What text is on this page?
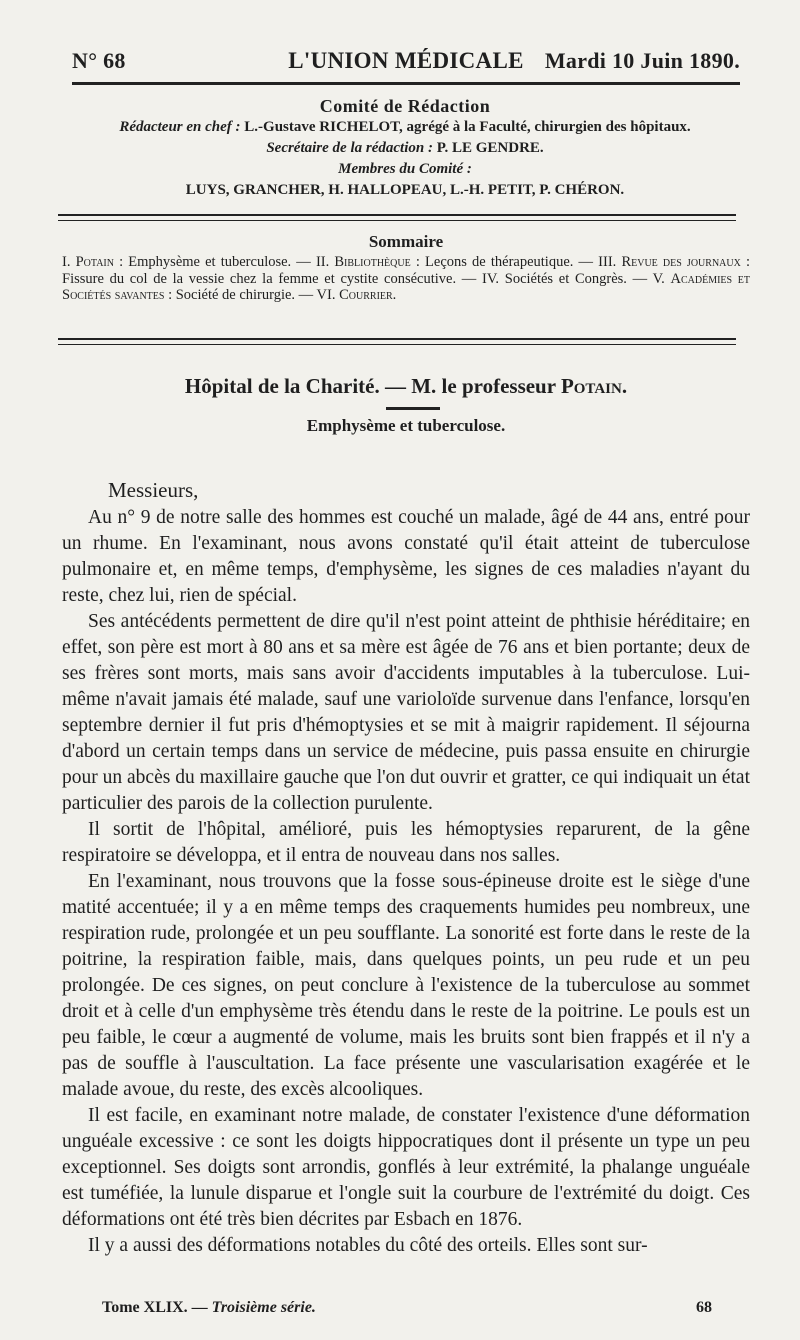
N° 68	L'UNION MÉDICALE Mardi 10 Juin 1890.
Comité de Rédaction
Rédacteur en chef : L.-Gustave RICHELOT, agrégé à la Faculté, chirurgien des hôpitaux.
Secrétaire de la rédaction : P. LE GENDRE.
Membres du Comité :
LUYS, GRANCHER, H. HALLOPEAU, L.-H. PETIT, P. CHÉRON.
Sommaire
I. Potain : Emphysème et tuberculose. — II. Bibliothèque : Leçons de thérapeutique. — III. Revue des journaux : Fissure du col de la vessie chez la femme et cystite consécutive. — IV. Sociétés et Congrès. — V. Académies et Sociétés savantes : Société de chirurgie. — VI. Courrier.
Hôpital de la Charité. — M. le professeur Potain.
Emphysème et tuberculose.
Messieurs,

Au n° 9 de notre salle des hommes est couché un malade, âgé de 44 ans, entré pour un rhume. En l'examinant, nous avons constaté qu'il était atteint de tuberculose pulmonaire et, en même temps, d'emphysème, les signes de ces maladies n'ayant du reste, chez lui, rien de spécial.

Ses antécédents permettent de dire qu'il n'est point atteint de phthisie héréditaire; en effet, son père est mort à 80 ans et sa mère est âgée de 76 ans et bien portante; deux de ses frères sont morts, mais sans avoir d'accidents imputables à la tuberculose. Lui-même n'avait jamais été malade, sauf une varioloïde survenue dans l'enfance, lorsqu'en septembre dernier il fut pris d'hémoptysies et se mit à maigrir rapidement. Il séjourna d'abord un certain temps dans un service de médecine, puis passa ensuite en chirurgie pour un abcès du maxillaire gauche que l'on dut ouvrir et gratter, ce qui indiquait un état particulier des parois de la collection purulente.

Il sortit de l'hôpital, amélioré, puis les hémoptysies reparurent, de la gêne respiratoire se développa, et il entra de nouveau dans nos salles.

En l'examinant, nous trouvons que la fosse sous-épineuse droite est le siège d'une matité accentuée; il y a en même temps des craquements humides peu nombreux, une respiration rude, prolongée et un peu soufflante. La sonorité est forte dans le reste de la poitrine, la respiration faible, mais, dans quelques points, un peu rude et un peu prolongée. De ces signes, on peut conclure à l'existence de la tuberculose au sommet droit et à celle d'un emphysème très étendu dans le reste de la poitrine. Le pouls est un peu faible, le cœur a augmenté de volume, mais les bruits sont bien frappés et il n'y a pas de souffle à l'auscultation. La face présente une vascularisation exagérée et le malade avoue, du reste, des excès alcooliques.

Il est facile, en examinant notre malade, de constater l'existence d'une déformation unguéale excessive : ce sont les doigts hippocratiques dont il présente un type un peu exceptionnel. Ses doigts sont arrondis, gonflés à leur extrémité, la phalange unguéale est tuméfiée, la lunule disparue et l'ongle suit la courbure de l'extrémité du doigt. Ces déformations ont été très bien décrites par Esbach en 1876.

Il y a aussi des déformations notables du côté des orteils. Elles sont sur-

Tome XLIX. — Troisième série.	68
